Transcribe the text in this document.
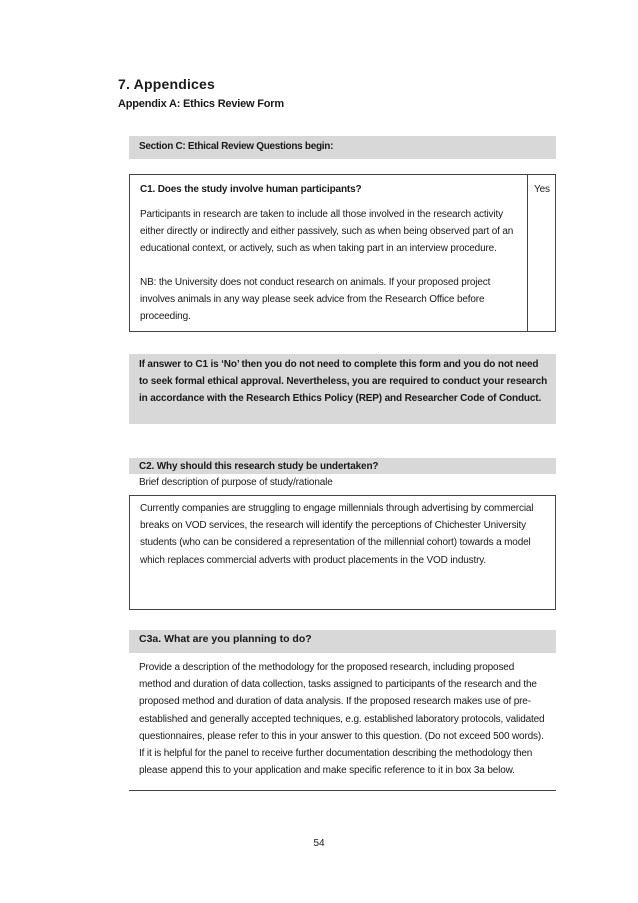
7. Appendices
Appendix A: Ethics Review Form
Section C: Ethical Review Questions begin:
C1. Does the study involve human participants?	Yes
Participants in research are taken to include all those involved in the research activity either directly or indirectly and either passively, such as when being observed part of an educational context, or actively, such as when taking part in an interview procedure.
NB: the University does not conduct research on animals. If your proposed project involves animals in any way please seek advice from the Research Office before proceeding.
If answer to C1 is ‘No’ then you do not need to complete this form and you do not need to seek formal ethical approval. Nevertheless, you are required to conduct your research in accordance with the Research Ethics Policy (REP) and Researcher Code of Conduct.
C2. Why should this research study be undertaken?
Brief description of purpose of study/rationale
Currently companies are struggling to engage millennials through advertising by commercial breaks on VOD services, the research will identify the perceptions of Chichester University students (who can be considered a representation of the millennial cohort) towards a model which replaces commercial adverts with product placements in the VOD industry.
C3a. What are you planning to do?
Provide a description of the methodology for the proposed research, including proposed method and duration of data collection, tasks assigned to participants of the research and the proposed method and duration of data analysis. If the proposed research makes use of pre-established and generally accepted techniques, e.g. established laboratory protocols, validated questionnaires, please refer to this in your answer to this question. (Do not exceed 500 words). If it is helpful for the panel to receive further documentation describing the methodology then please append this to your application and make specific reference to it in box 3a below.
54
